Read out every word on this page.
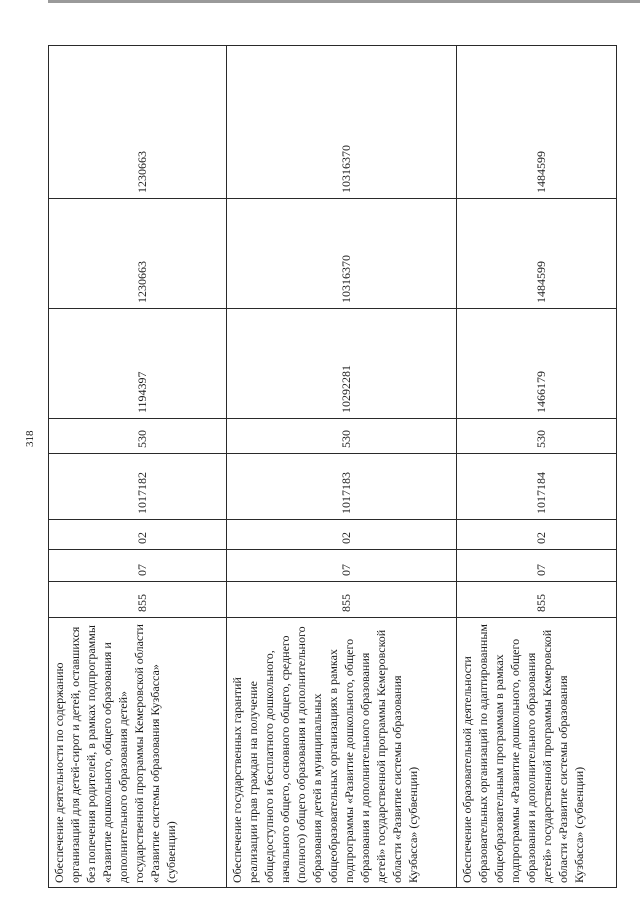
318
Обеспечение деятельности по содержанию организаций для детей-сирот и детей, оставшихся без попечения родителей, в рамках подпрограммы «Развитие дошкольного, общего образования и дополнительного образования детей» государственной программы Кемеровской области «Развитие системы образования Кузбасса» (субвенции)	855	07	02	1017182	530	1194397	1230663	1230663
Обеспечение государственных гарантий реализации прав граждан на получение общедоступного и бесплатного дошкольного, начального общего, основного общего, среднего (полного) общего образования и дополнительного образования детей в муниципальных общеобразовательных организациях в рамках подпрограммы «Развитие дошкольного, общего образования и дополнительного образования детей» государственной программы Кемеровской области «Развитие системы образования Кузбасса» (субвенции)	855	07	02	1017183	530	10292281	10316370	10316370
Обеспечение образовательной деятельности образовательных организаций по адаптированным общеобразовательным программам в рамках подпрограммы «Развитие дошкольного, общего образования и дополнительного образования детей» государственной программы Кемеровской области «Развитие системы образования Кузбасса» (субвенции)	855	07	02	1017184	530	1466179	1484599	1484599
